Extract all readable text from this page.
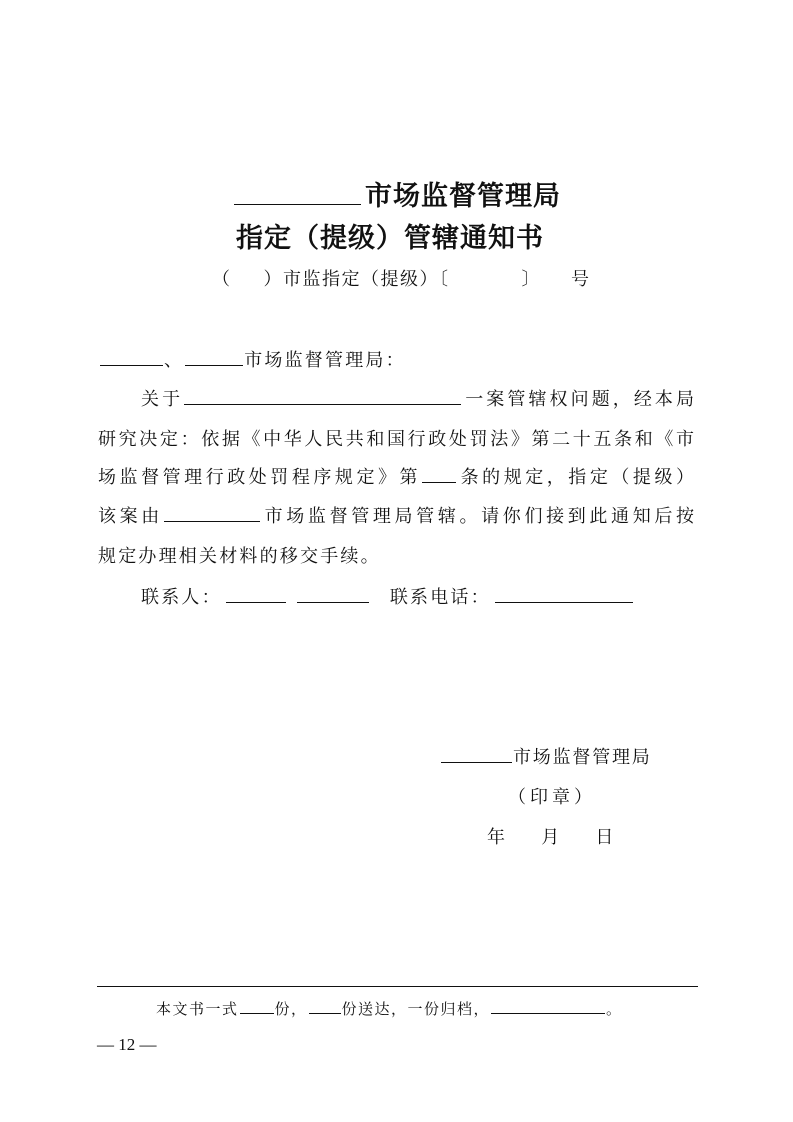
市场监督管理局
指定（提级）管辖通知书
（ ）市监指定（提级）〔	〕 号
、	市场监督管理局：
关于	一案管辖权问题，经本局
研究决定：依据《中华人民共和国行政处罚法》第二十五条和《市
场监督管理行政处罚程序规定》第 条的规定，指定（提级）
该案由	市场监督管理局管辖。请你们接到此通知后按
规定办理相关材料的移交手续。
联系人：	联系电话：
市场监督管理局
（印章）
年 月 日
本文书一式 份， 份送达，一份归档，	。
— 12 —
